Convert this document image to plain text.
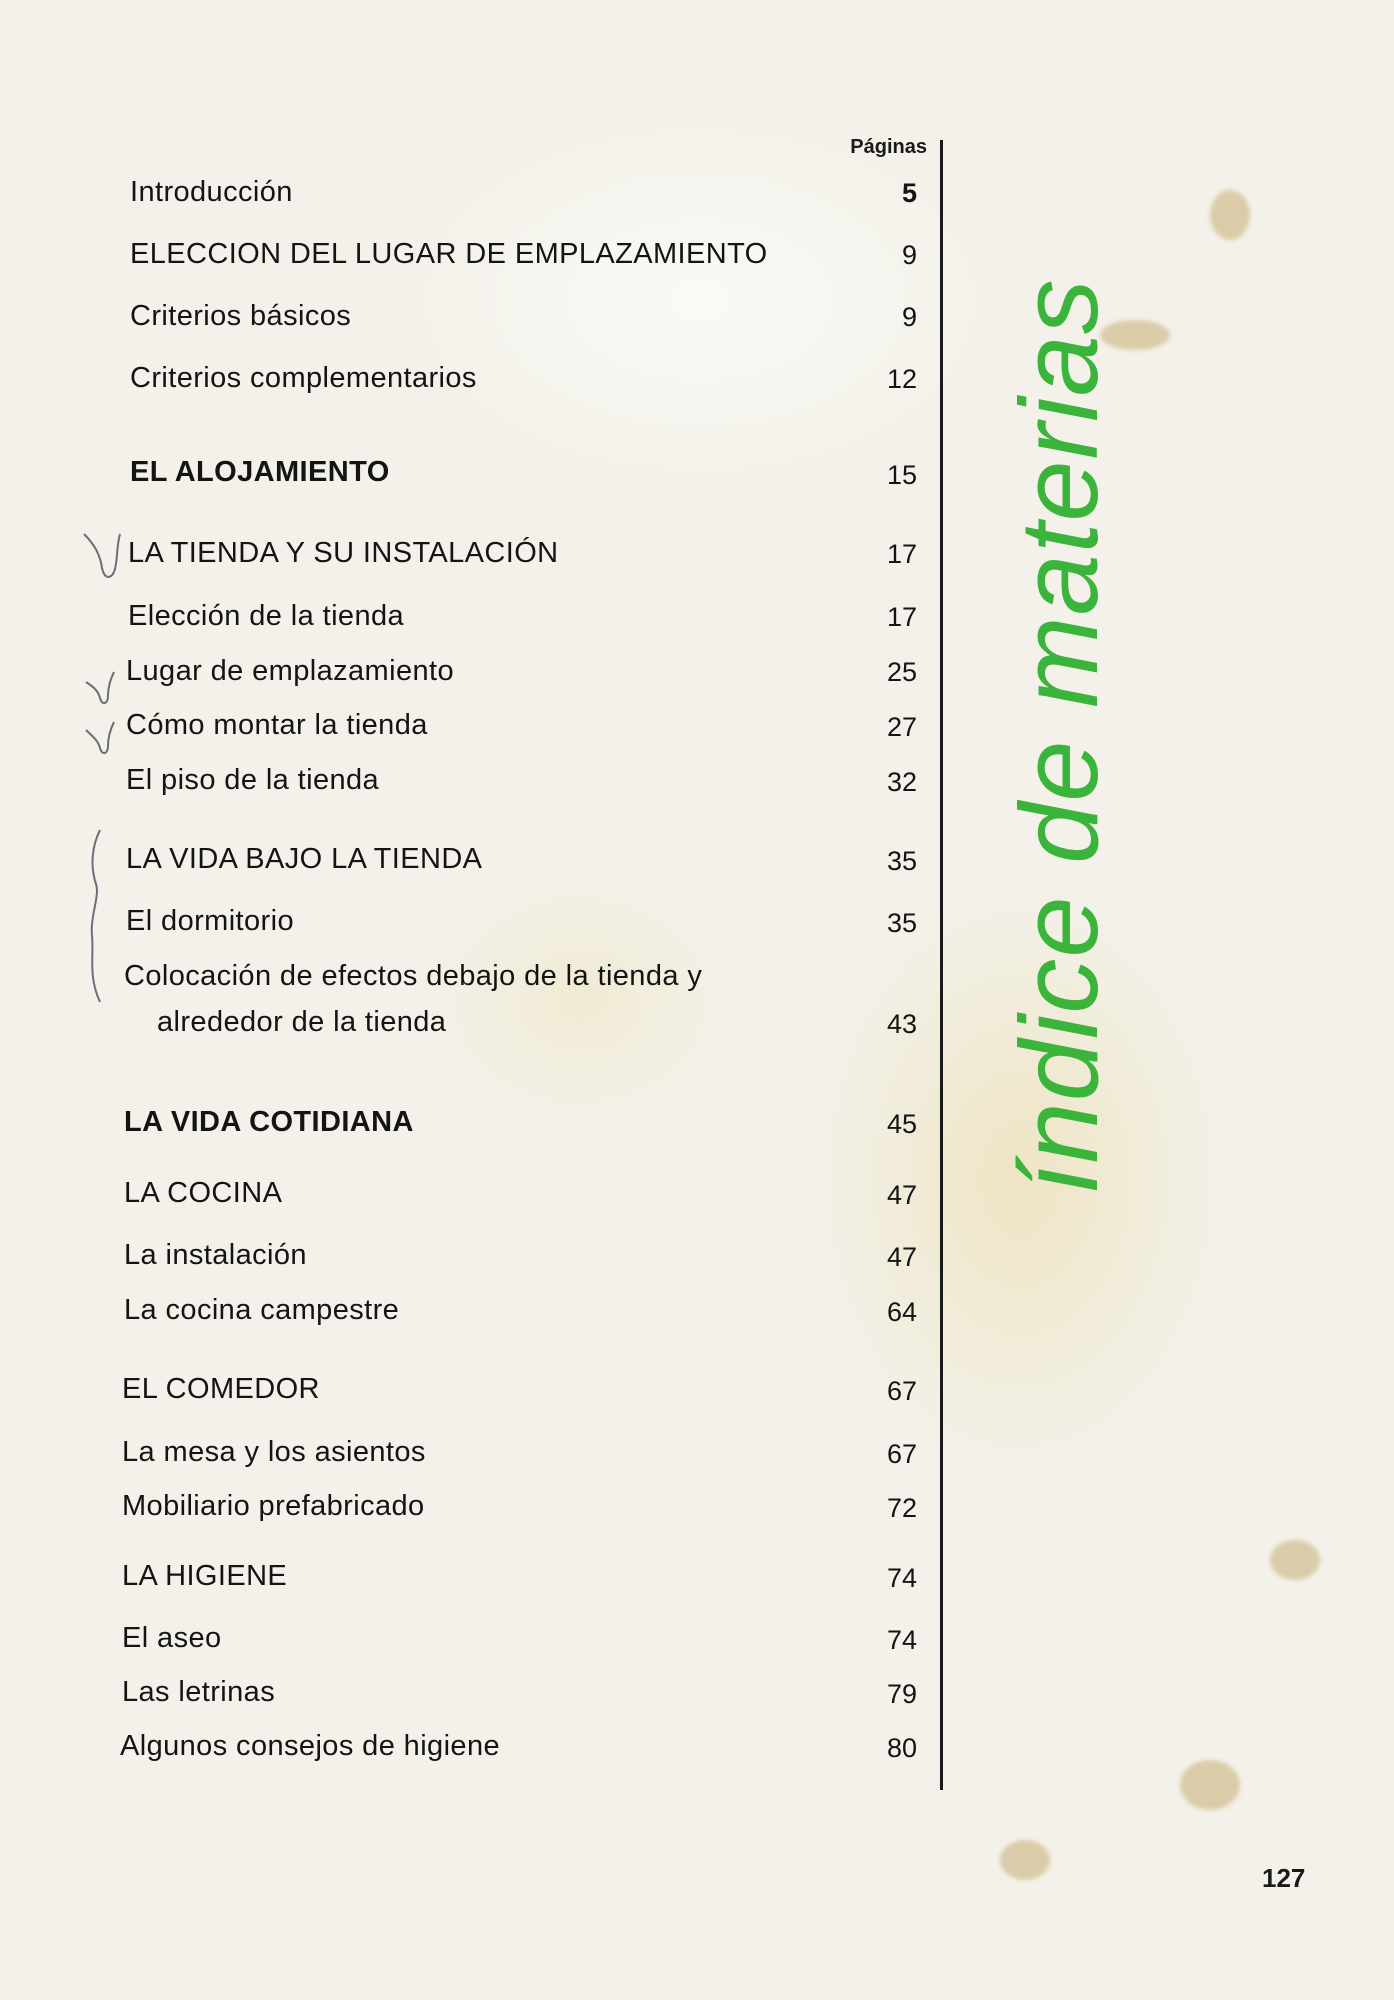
Páginas
Introducción	5
ELECCION DEL LUGAR DE EMPLAZAMIENTO	9
Criterios básicos	9
Criterios complementarios	12
EL ALOJAMIENTO	15
LA TIENDA Y SU INSTALACIÓN	17
Elección de la tienda	17
Lugar de emplazamiento	25
Cómo montar la tienda	27
El piso de la tienda	32
LA VIDA BAJO LA TIENDA	35
El dormitorio	35
Colocación de efectos debajo de la tienda y
alrededor de la tienda	43
LA VIDA COTIDIANA	45
LA COCINA	47
La instalación	47
La cocina campestre	64
EL COMEDOR	67
La mesa y los asientos	67
Mobiliario prefabricado	72
LA HIGIENE	74
El aseo	74
Las letrinas	79
Algunos consejos de higiene	80
índice de materias
127
